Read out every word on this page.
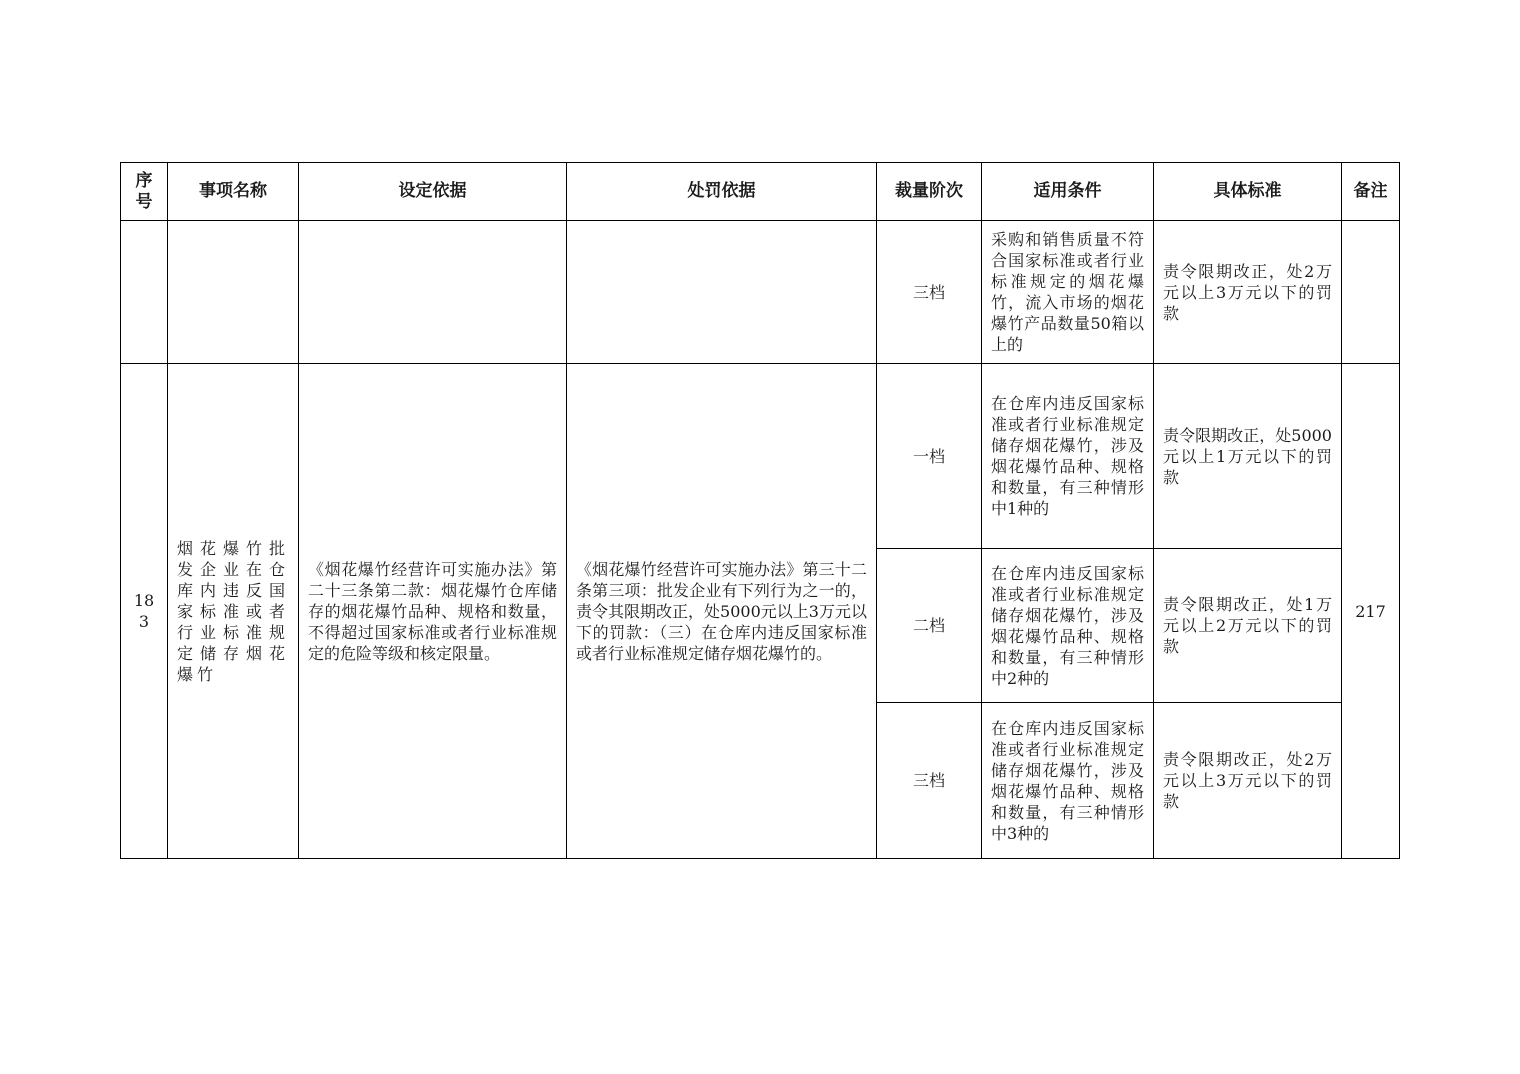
序号	事项名称	设定依据	处罚依据	裁量阶次	适用条件	具体标准	备注
				三档	采购和销售质量不符合国家标准或者行业标准规定的烟花爆竹，流入市场的烟花爆竹产品数量50箱以上的	责令限期改正，处2万元以上3万元以下的罚款	
183	烟花爆竹批发企业在仓库内违反国家标准或者行业标准规定储存烟花爆竹	《烟花爆竹经营许可实施办法》第二十三条第二款：烟花爆竹仓库储存的烟花爆竹品种、规格和数量，不得超过国家标准或者行业标准规定的危险等级和核定限量。	《烟花爆竹经营许可实施办法》第三十二条第三项：批发企业有下列行为之一的，责令其限期改正，处5000元以上3万元以下的罚款：（三）在仓库内违反国家标准或者行业标准规定储存烟花爆竹的。	一档	在仓库内违反国家标准或者行业标准规定储存烟花爆竹，涉及烟花爆竹品种、规格和数量，有三种情形中1种的	责令限期改正，处5000元以上1万元以下的罚款	217
				二档	在仓库内违反国家标准或者行业标准规定储存烟花爆竹，涉及烟花爆竹品种、规格和数量，有三种情形中2种的	责令限期改正，处1万元以上2万元以下的罚款	
				三档	在仓库内违反国家标准或者行业标准规定储存烟花爆竹，涉及烟花爆竹品种、规格和数量，有三种情形中3种的	责令限期改正，处2万元以上3万元以下的罚款	
